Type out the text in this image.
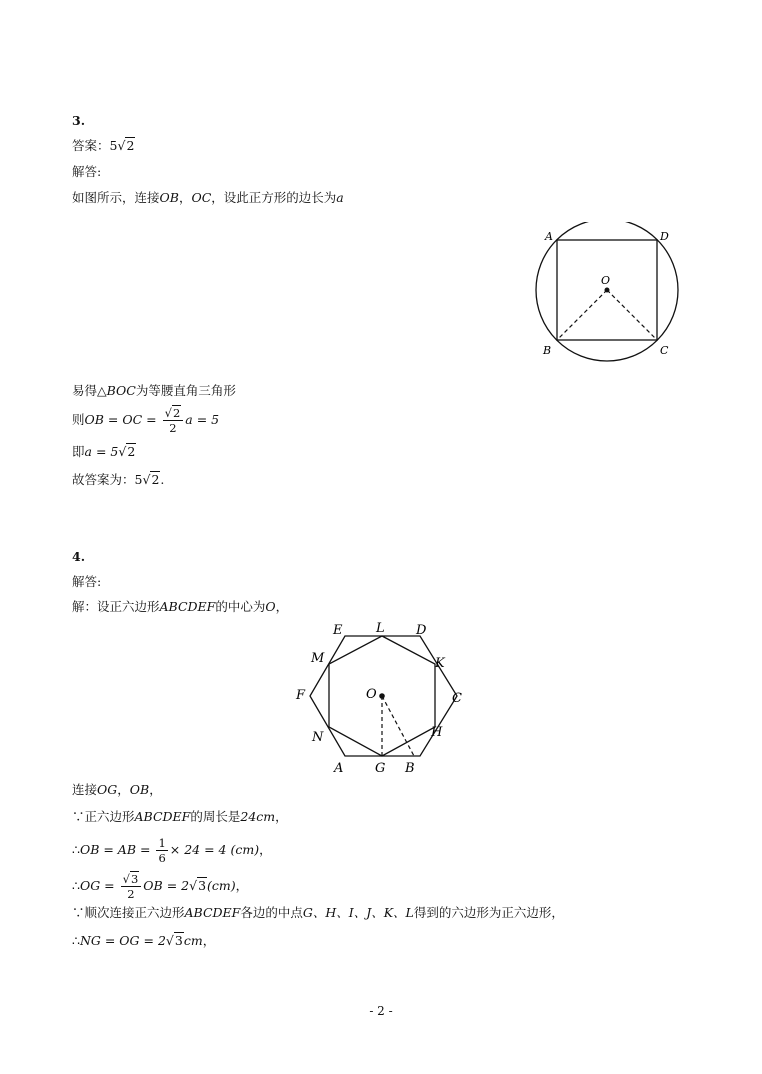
3.
答案：5√2
解答:
如图所示，连接OB，OC，设此正方形的边长为a
A	D
O
B	C
易得△BOC为等腰直角三角形
则OB = OC = $\frac{√2}{2}$ a = 5
即a = 5√2
故答案为：5√2.
4.
解答:
解：设正六边形ABCDEF的中心为O，
E	L D
M	K
F	O	C
N	H
A G B
连接OG，OB，
∵正六边形ABCDEF的周长是24cm，
∴OB = AB = $\frac{1}{6} \times 24 = 4$ (cm)，
∴OG = $\frac{√3}{2}$ OB = 2√3(cm)，
∵顺次连接正六边形ABCDEF各边的中点G、H、I、J、K、L得到的六边形为正六边形，
∴NG = OG = 2√3cm，
- 2 -
